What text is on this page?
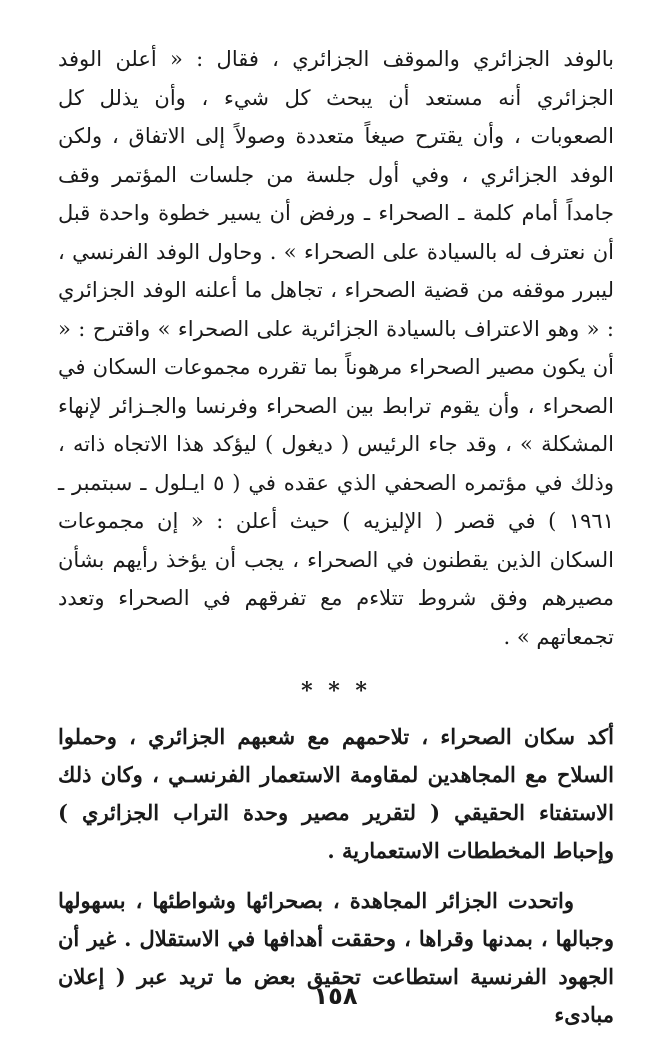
بالوفد الجزائري والموقف الجزائري ، فقال : « أعلن الوفد الجزائري أنه مستعد أن يبحث كل شيء ، وأن يذلل كل الصعوبات ، وأن يقترح صيغاً متعددة وصولاً إلى الاتفاق ، ولكن الوفد الجزائري ، وفي أول جلسة من جلسات المؤتمر وقف جامداً أمام كلمة ـ الصحراء ـ ورفض أن يسير خطوة واحدة قبل أن نعترف له بالسيادة على الصحراء » . وحاول الوفد الفرنسي ، ليبرر موقفه من قضية الصحراء ، تجاهل ما أعلنه الوفد الجزائري : « وهو الاعتراف بالسيادة الجزائرية على الصحراء » واقترح : « أن يكون مصير الصحراء مرهوناً بما تقرره مجموعات السكان في الصحراء ، وأن يقوم ترابط بين الصحراء وفرنسا والجـزائر لإنهاء المشكلة » ، وقد جاء الرئيس ( ديغول ) ليؤكد هذا الاتجاه ذاته ، وذلك في مؤتمره الصحفي الذي عقده في ( ٥ ايـلول ـ سبتمبر ـ ١٩٦١ ) في قصر ( الإليزيه ) حيث أعلن : « إن مجموعات السكان الذين يقطنون في الصحراء ، يجب أن يؤخذ رأيهم بشأن مصيرهم وفق شروط تتلاءم مع تفرقهم في الصحراء وتعدد تجمعاتهم » .

* * *

أكد سكان الصحراء ، تلاحمهم مع شعبهم الجزائري ، وحملوا السلاح مع المجاهدين لمقاومة الاستعمار الفرنسـي ، وكان ذلك الاستفتاء الحقيقي ( لتقرير مصير وحدة التراب الجزائري ) وإحباط المخططات الاستعمارية .

واتحدت الجزائر المجاهدة ، بصحرائها وشواطئها ، بسهولها وجبالها ، بمدنها وقراها ، وحققت أهدافها في الاستقلال . غير أن الجهود الفرنسية استطاعت تحقيق بعض ما تريد عبر ( إعلان مبادىء

١٥٨
